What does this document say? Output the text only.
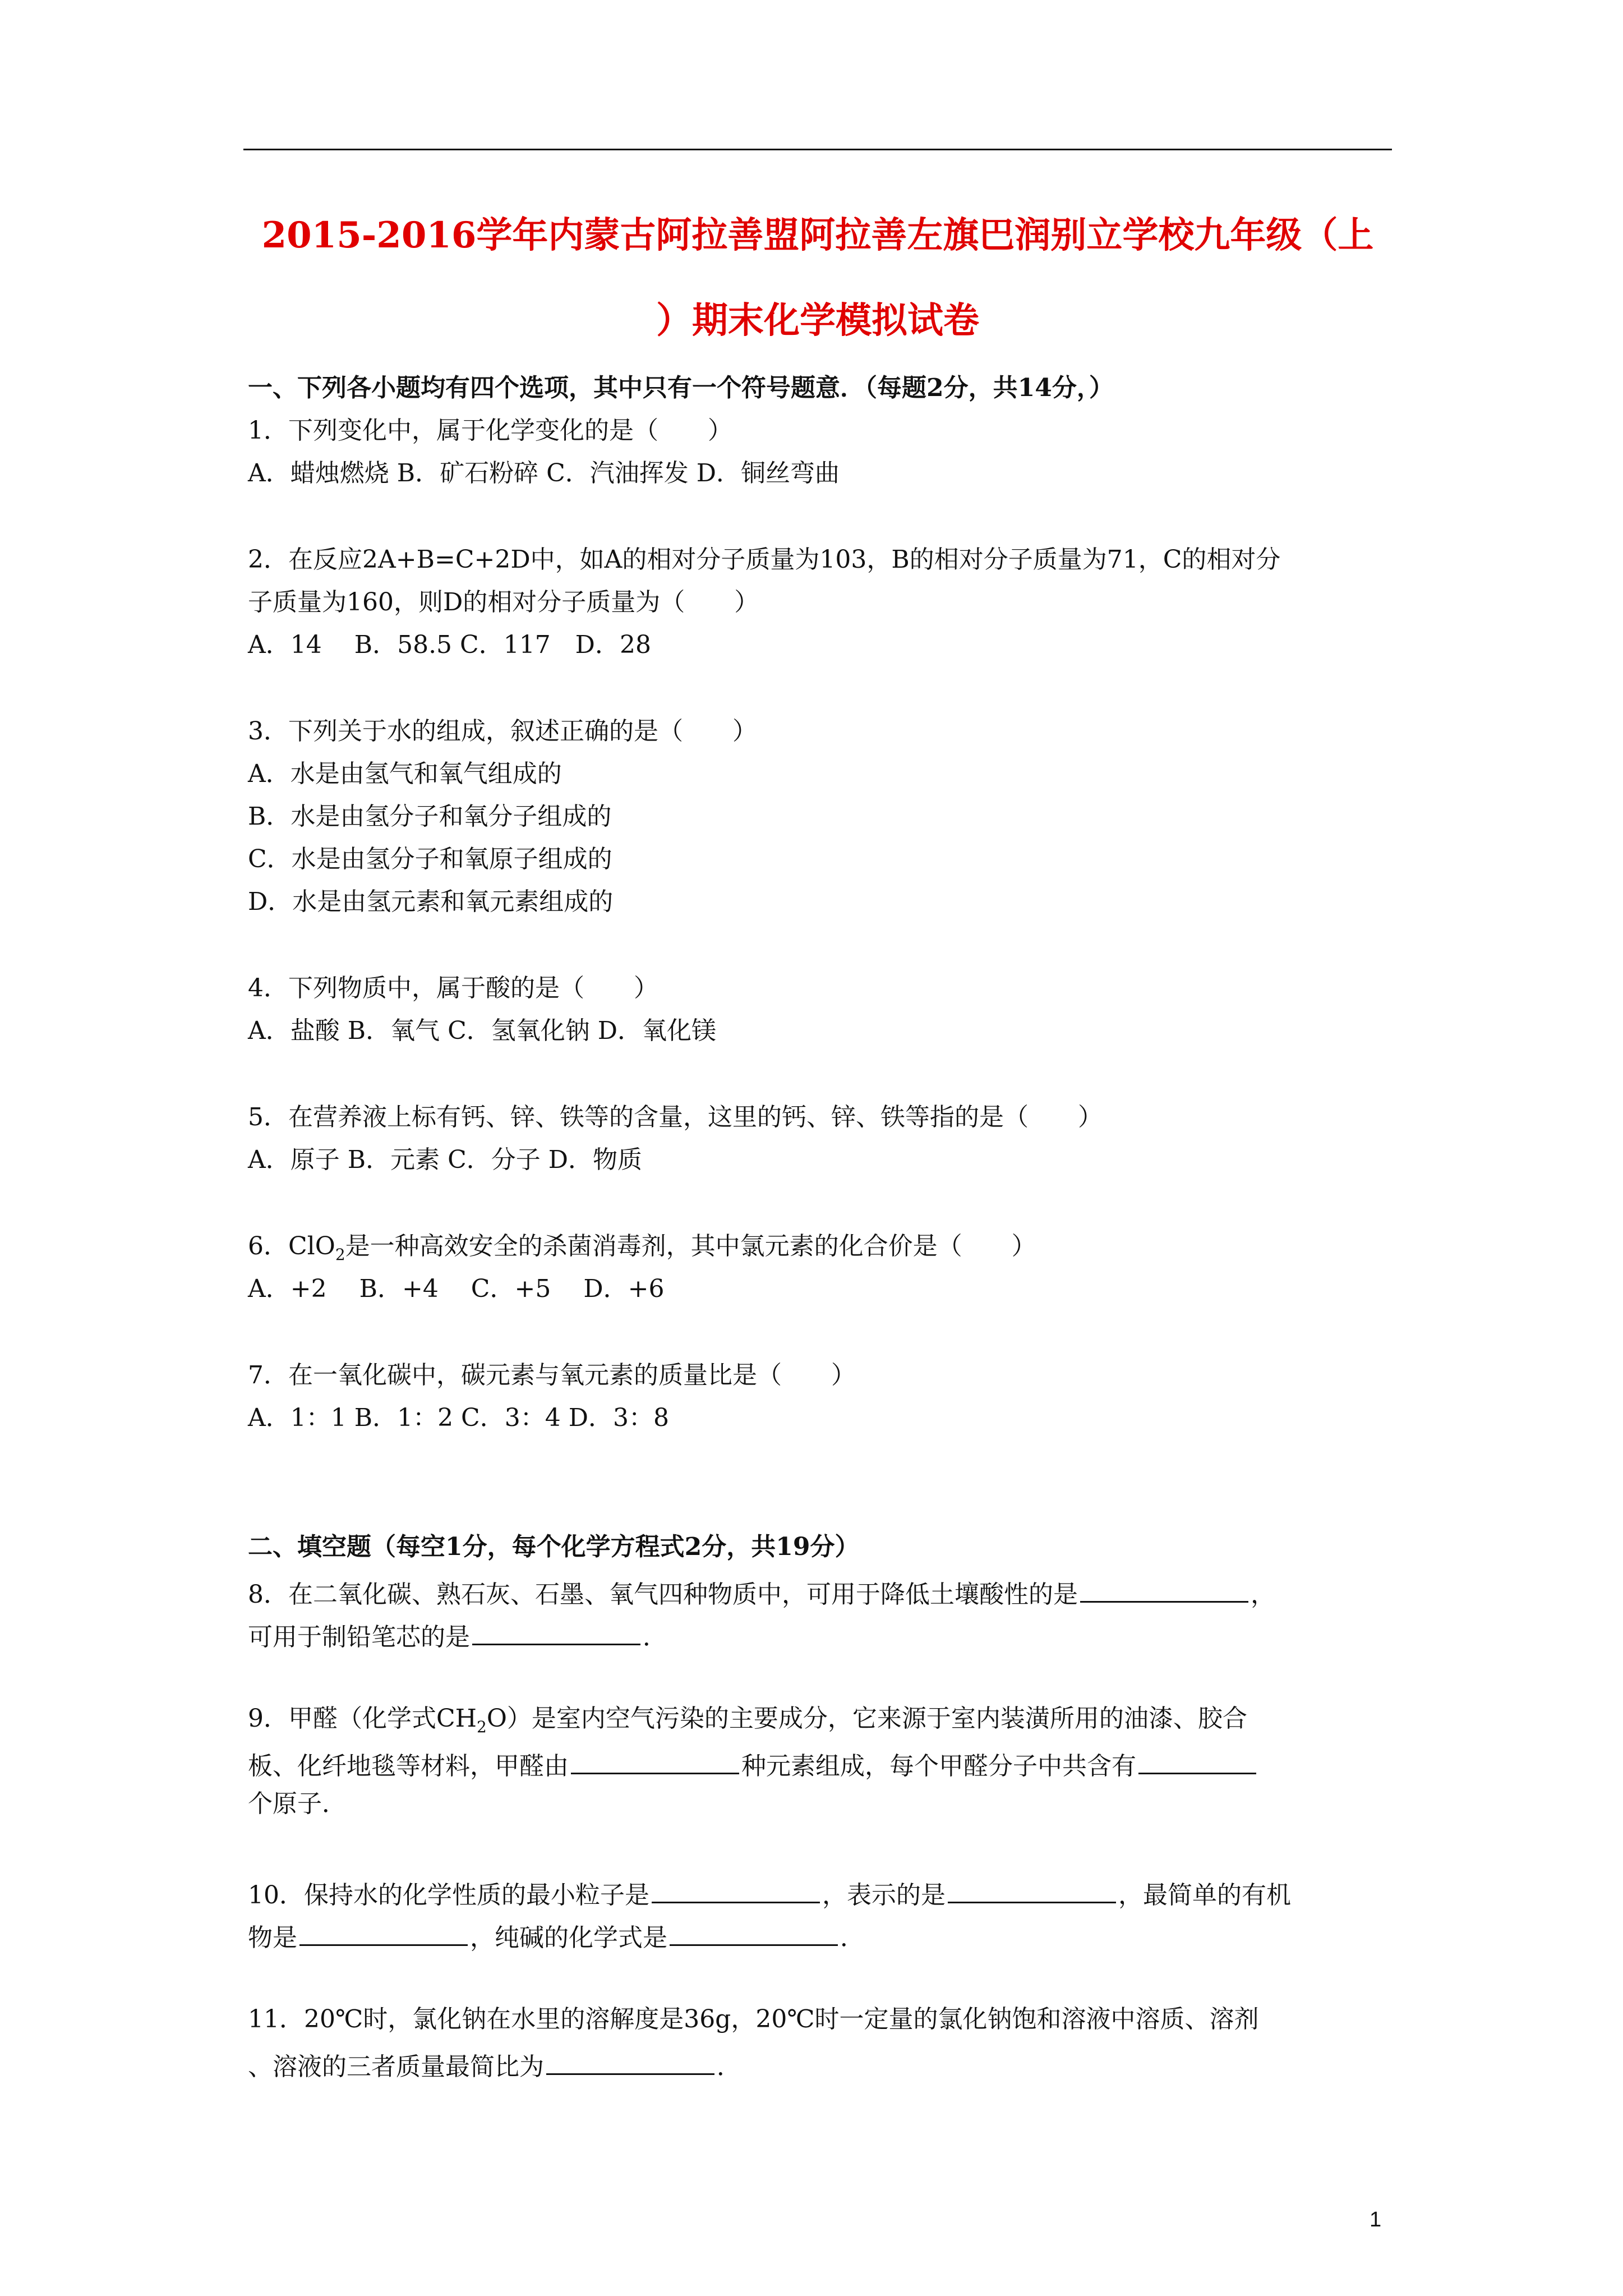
2015-2016学年内蒙古阿拉善盟阿拉善左旗巴润别立学校九年级（上
）期末化学模拟试卷
一、下列各小题均有四个选项，其中只有一个符号题意．（每题2分，共14分，）
1．下列变化中，属于化学变化的是（　　）
A．蜡烛燃烧 B．矿石粉碎 C．汽油挥发 D．铜丝弯曲
2．在反应2A+B=C+2D中，如A的相对分子质量为103，B的相对分子质量为71，C的相对分
子质量为160，则D的相对分子质量为（　　）
A．14　 B．58.5 C．117　D．28
3．下列关于水的组成，叙述正确的是（　　）
A．水是由氢气和氧气组成的
B．水是由氢分子和氧分子组成的
C．水是由氢分子和氧原子组成的
D．水是由氢元素和氧元素组成的
4．下列物质中，属于酸的是（　　）
A．盐酸 B．氧气 C．氢氧化钠 D．氧化镁
5．在营养液上标有钙、锌、铁等的含量，这里的钙、锌、铁等指的是（　　）
A．原子 B．元素 C．分子 D．物质
6．ClO$_2$是一种高效安全的杀菌消毒剂，其中氯元素的化合价是（　　）
A．+2　 B．+4　 C．+5　 D．+6
7．在一氧化碳中，碳元素与氧元素的质量比是（　　）
A．1：1 B．1：2 C．3：4 D．3：8
二、填空题（每空1分，每个化学方程式2分，共19分）
8．在二氧化碳、熟石灰、石墨、氧气四种物质中，可用于降低土壤酸性的是	，
可用于制铅笔芯的是	．
9．甲醛（化学式$CH_2O$）是室内空气污染的主要成分，它来源于室内装潢所用的油漆、胶合
板、化纤地毯等材料，甲醛由	种元素组成，每个甲醛分子中共含有
个原子．
10．保持水的化学性质的最小粒子是	，表示的是	，最简单的有机
物是	，纯碱的化学式是	．
11．20℃时，氯化钠在水里的溶解度是36g，20℃时一定量的氯化钠饱和溶液中溶质、溶剂
、溶液的三者质量最简比为	．
1
